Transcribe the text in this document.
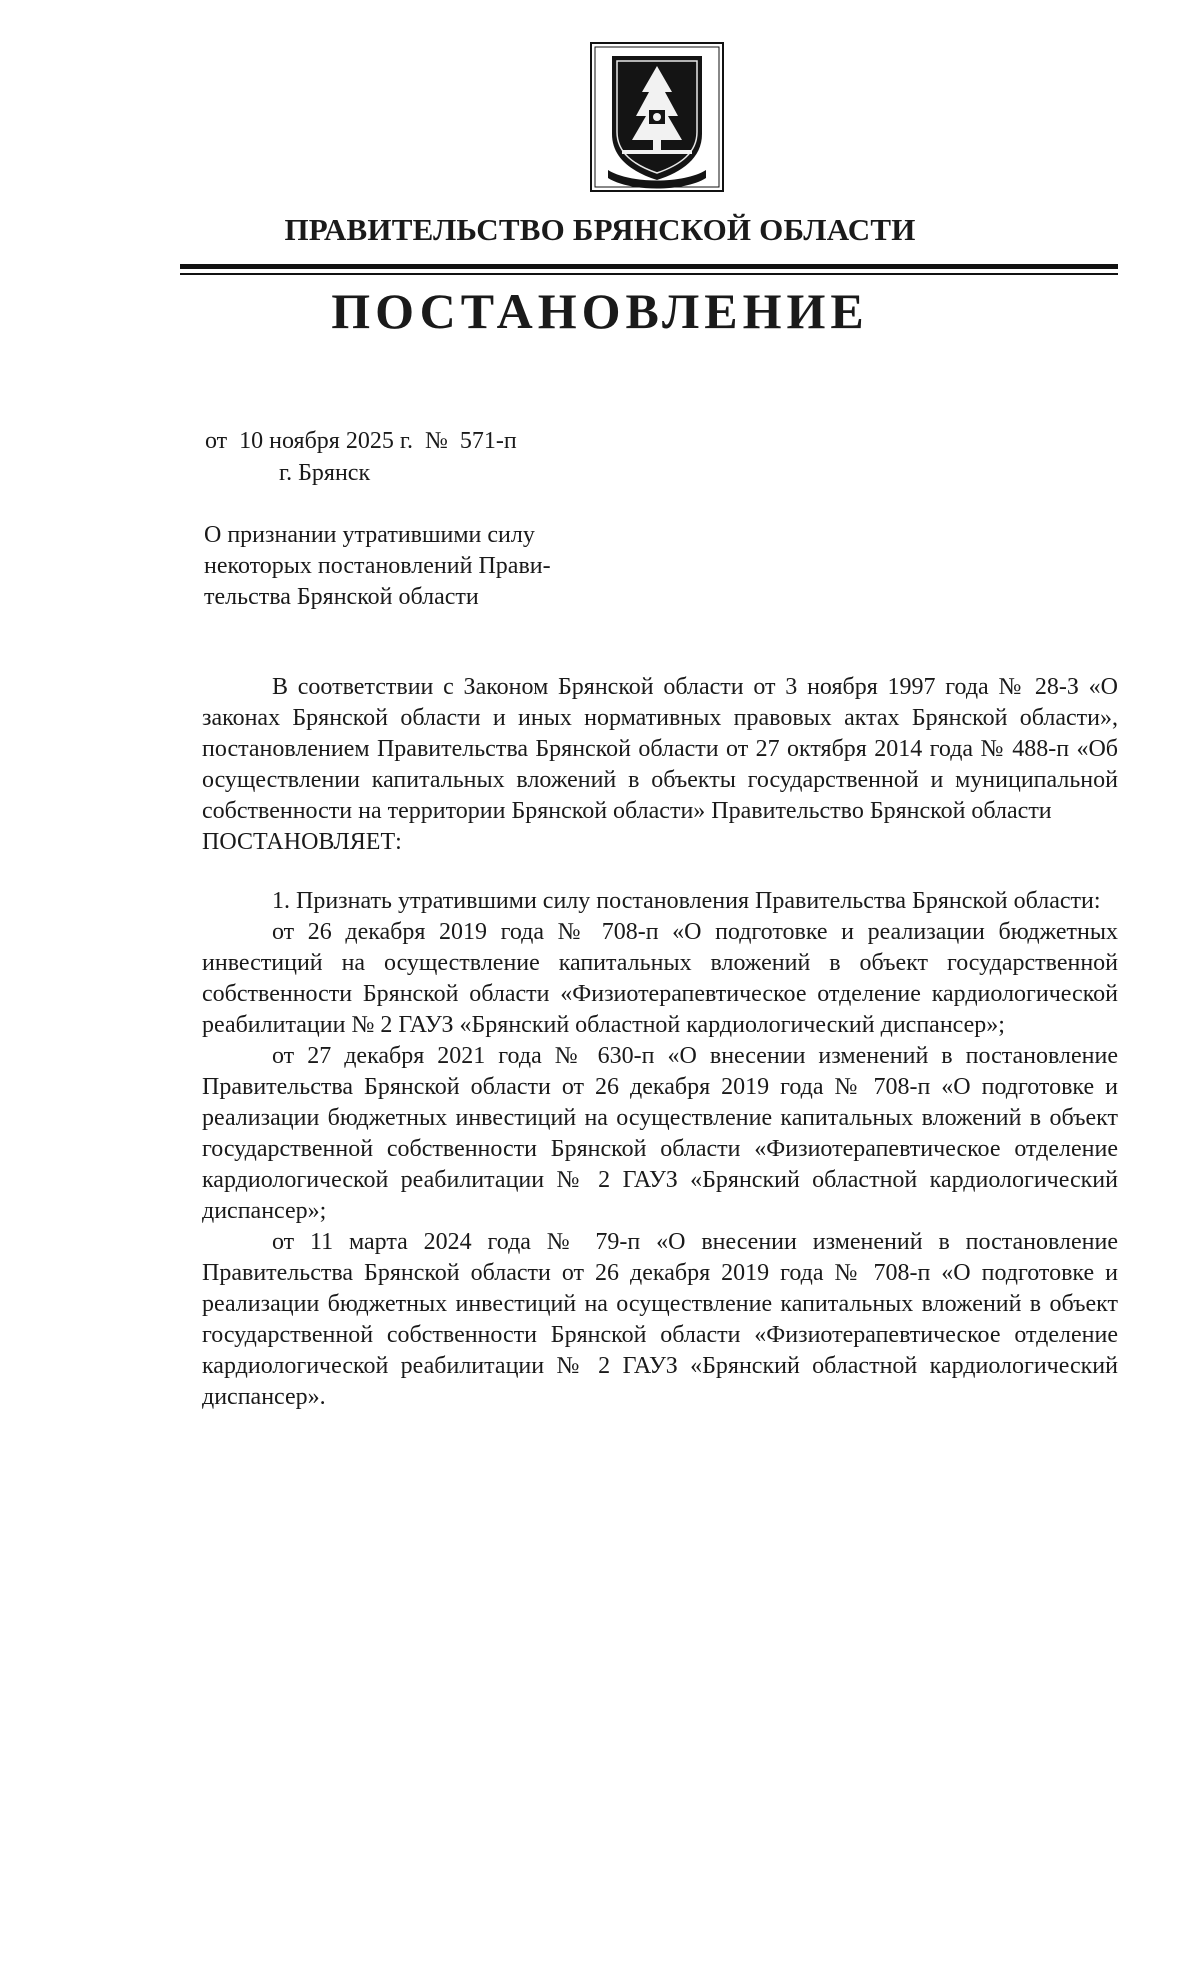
ПРАВИТЕЛЬСТВО БРЯНСКОЙ ОБЛАСТИ
ПОСТАНОВЛЕНИЕ
от  10 ноября 2025 г.  №  571-п
г. Брянск
О признании утратившими силу
некоторых постановлений Прави-
тельства Брянской области

В соответствии с Законом Брянской области от 3 ноября 1997 года № 28-З «О законах Брянской области и иных нормативных правовых актах Брянской области», постановлением Правительства Брянской области от 27 октября 2014 года № 488-п «Об осуществлении капитальных вложений в объекты государственной и муниципальной собственности на территории Брянской области» Правительство Брянской области

ПОСТАНОВЛЯЕТ:

1. Признать утратившими силу постановления Правительства Брянской области:

от 26 декабря 2019 года № 708-п «О подготовке и реализации бюджетных инвестиций на осуществление капитальных вложений в объект государственной собственности Брянской области «Физиотерапевтическое отделение кардиологической реабилитации № 2 ГАУЗ «Брянский областной кардиологический диспансер»;

от 27 декабря 2021 года № 630-п «О внесении изменений в постановление Правительства Брянской области от 26 декабря 2019 года № 708-п «О подготовке и реализации бюджетных инвестиций на осуществление капитальных вложений в объект государственной собственности Брянской области «Физиотерапевтическое отделение кардиологической реабилитации № 2 ГАУЗ «Брянский областной кардиологический диспансер»;

от 11 марта 2024 года № 79-п «О внесении изменений в постановление Правительства Брянской области от 26 декабря 2019 года № 708-п «О подготовке и реализации бюджетных инвестиций на осуществление капитальных вложений в объект государственной собственности Брянской области «Физиотерапевтическое отделение кардиологической реабилитации № 2 ГАУЗ «Брянский областной кардиологический диспансер».
